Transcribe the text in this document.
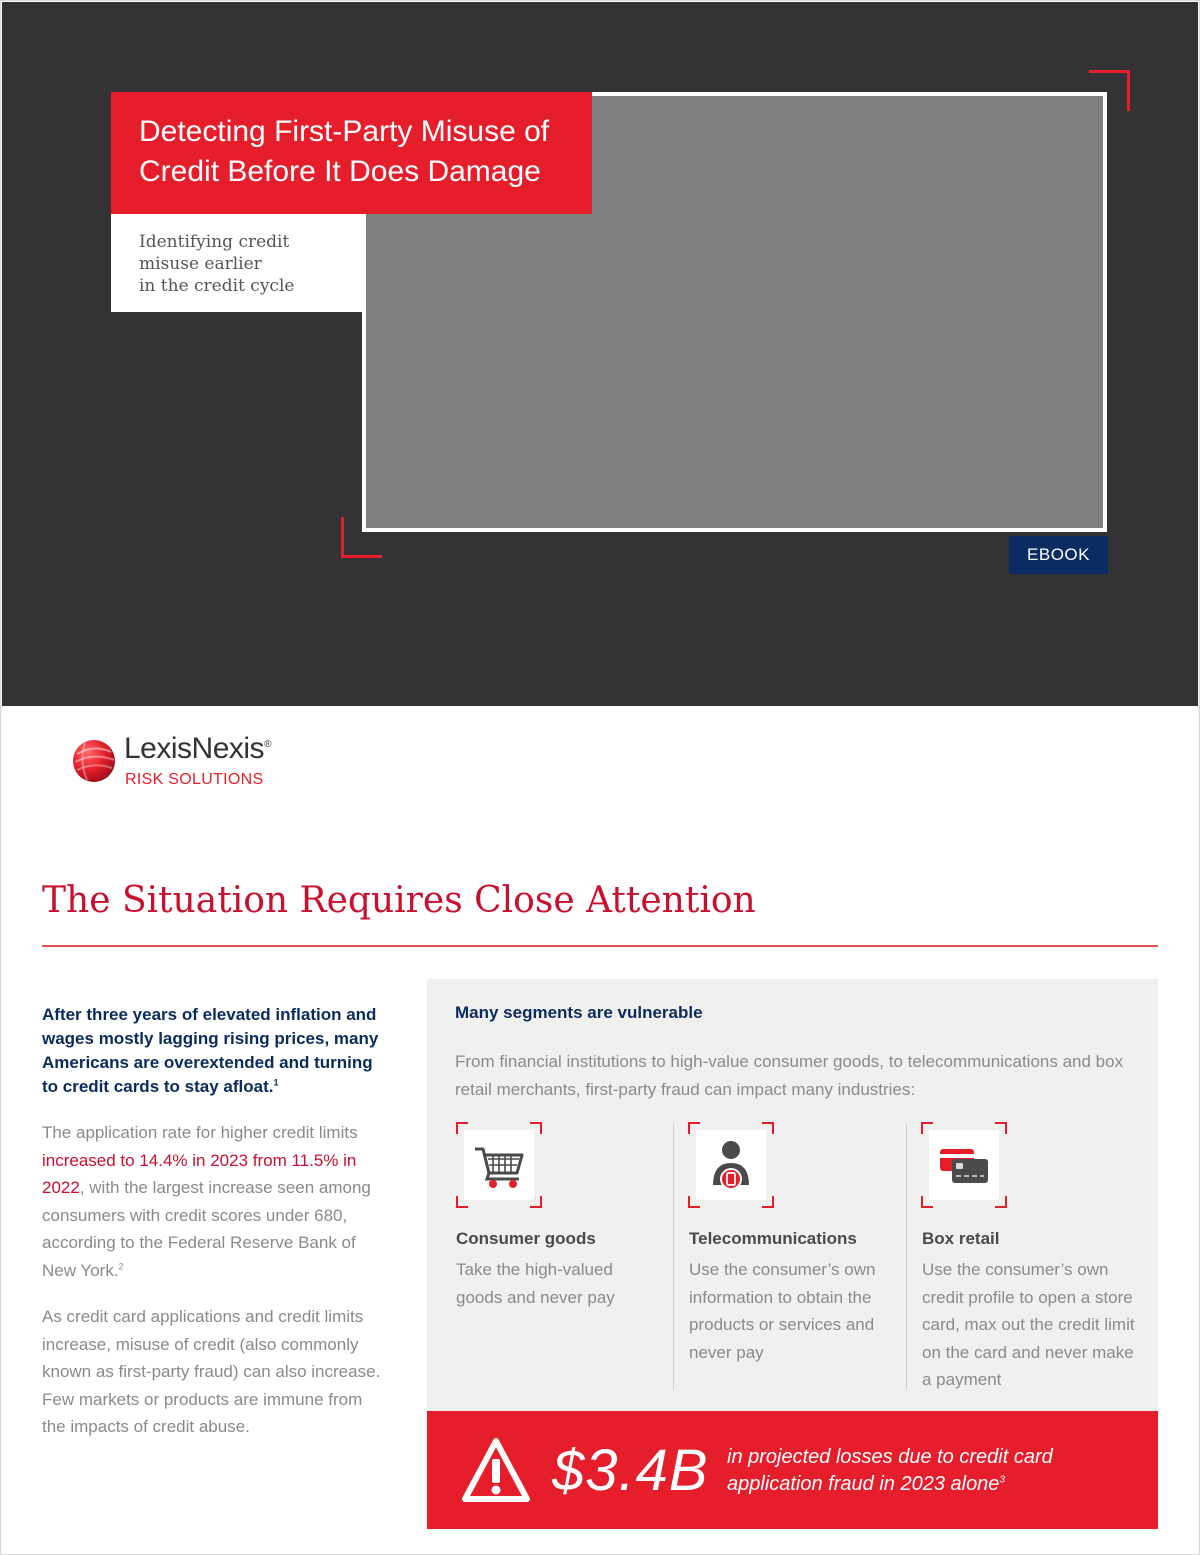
Detecting First-Party Misuse of
Credit Before It Does Damage
Identifying credit
misuse earlier
in the credit cycle
EBOOK
LexisNexis®
RISK SOLUTIONS
The Situation Requires Close Attention
After three years of elevated inflation and wages mostly lagging rising prices, many Americans are overextended and turning to credit cards to stay afloat.$^1$
The application rate for higher credit limits increased to 14.4% in 2023 from 11.5% in 2022, with the largest increase seen among consumers with credit scores under 680, according to the Federal Reserve Bank of New York.$^2$
As credit card applications and credit limits increase, misuse of credit (also commonly known as first-party fraud) can also increase. Few markets or products are immune from the impacts of credit abuse.
Many segments are vulnerable
From financial institutions to high-value consumer goods, to telecommunications and box retail merchants, first-party fraud can impact many industries:
Consumer goods
Take the high-valued goods and never pay
Telecommunications
Use the consumer’s own information to obtain the products or services and never pay
Box retail
Use the consumer’s own credit profile to open a store card, max out the credit limit on the card and never make a payment
$3.4B in projected losses due to credit card application fraud in 2023 alone$^3$
